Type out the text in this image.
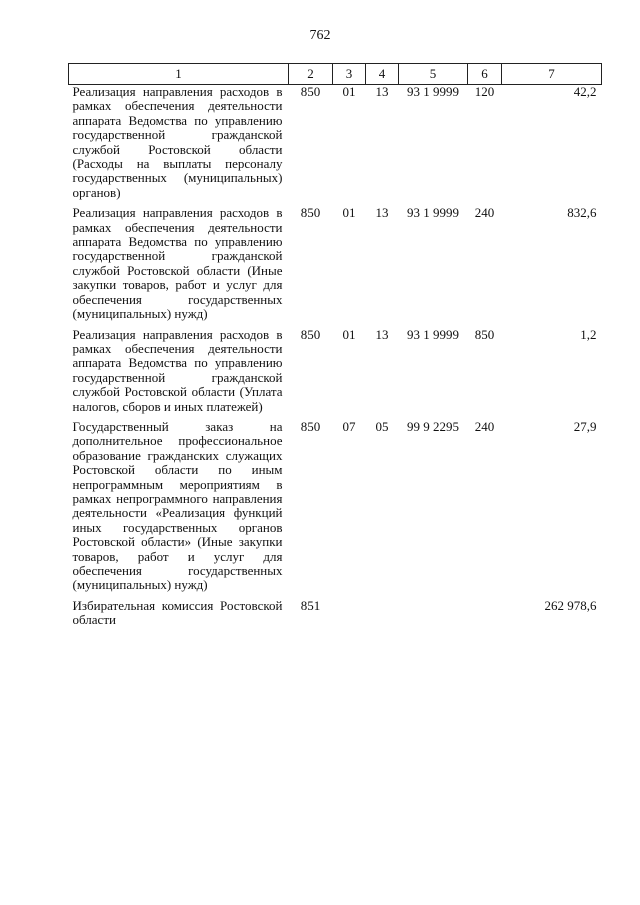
762
1	2	3	4	5	6	7
Реализация направления расходов в рамках обеспечения деятельности аппарата Ведомства по управлению государственной гражданской службой Ростовской области (Расходы на выплаты персоналу государственных (муниципальных) органов)	850	01	13	93 1 9999	120	42,2
Реализация направления расходов в рамках обеспечения деятельности аппарата Ведомства по управлению государственной гражданской службой Ростовской области (Иные закупки товаров, работ и услуг для обеспечения государственных (муниципальных) нужд)	850	01	13	93 1 9999	240	832,6
Реализация направления расходов в рамках обеспечения деятельности аппарата Ведомства по управлению государственной гражданской службой Ростовской области (Уплата налогов, сборов и иных платежей)	850	01	13	93 1 9999	850	1,2
Государственный заказ на дополнительное профессиональное образование гражданских служащих Ростовской области по иным непрограммным мероприятиям в рамках непрограммного направления деятельности «Реализация функций иных государственных органов Ростовской области» (Иные закупки товаров, работ и услуг для обеспечения государственных (муниципальных) нужд)	850	07	05	99 9 2295	240	27,9
Избирательная комиссия Ростовской области	851					262 978,6
